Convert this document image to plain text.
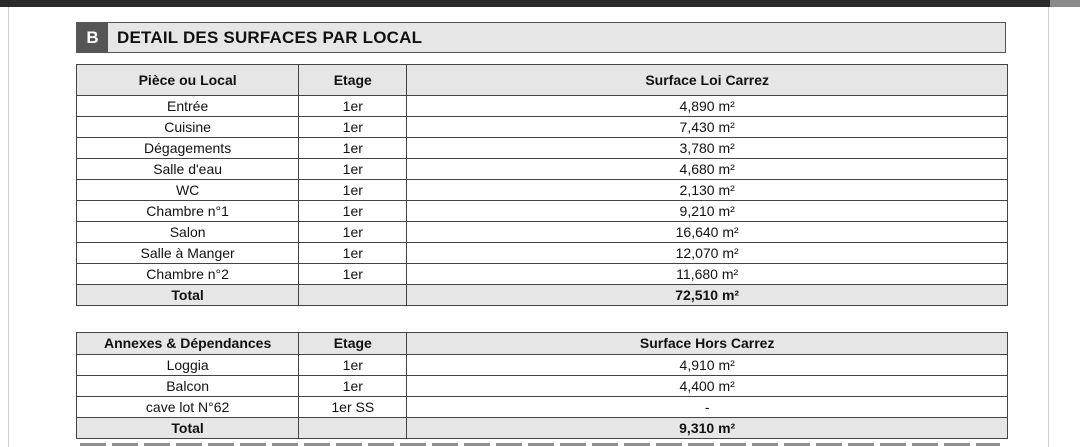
B	DETAIL DES SURFACES PAR LOCAL
Pièce ou Local	Etage	Surface Loi Carrez
Entrée	1er	4,890 m²
Cuisine	1er	7,430 m²
Dégagements	1er	3,780 m²
Salle d'eau	1er	4,680 m²
WC	1er	2,130 m²
Chambre n°1	1er	9,210 m²
Salon	1er	16,640 m²
Salle à Manger	1er	12,070 m²
Chambre n°2	1er	11,680 m²
Total		72,510 m²
Annexes & Dépendances	Etage	Surface Hors Carrez
Loggia	1er	4,910 m²
Balcon	1er	4,400 m²
cave lot N°62	1er SS	-
Total		9,310 m²
